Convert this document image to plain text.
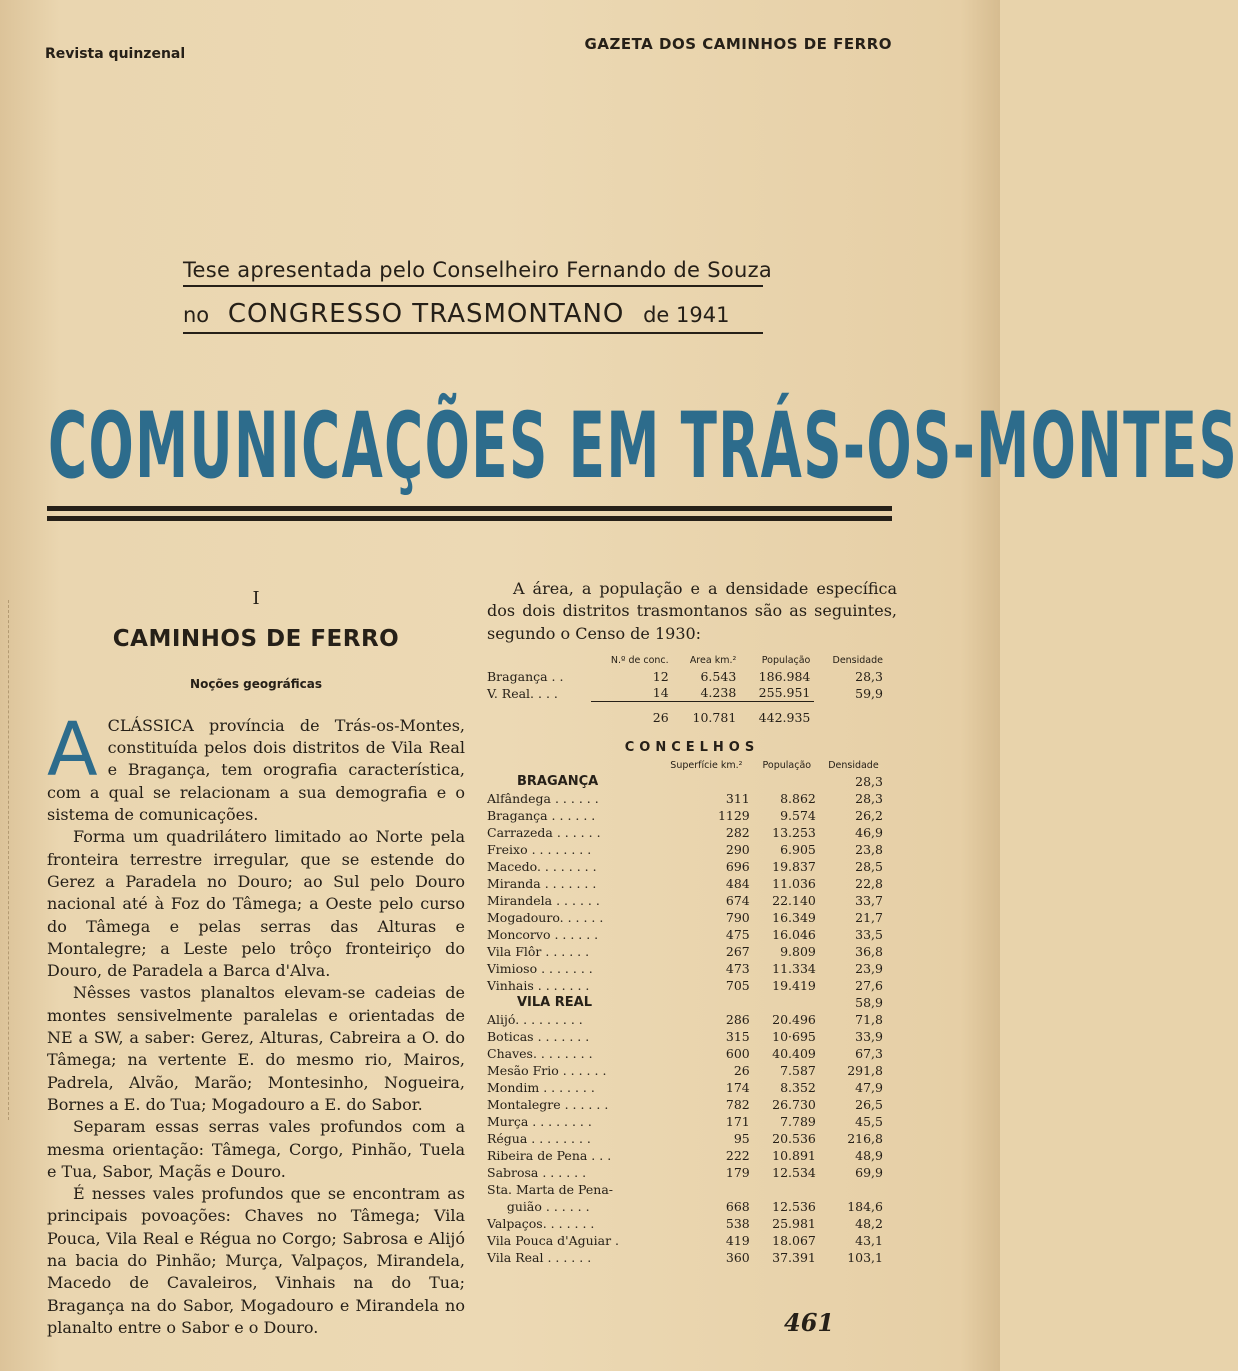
Revista quinzenal
GAZETA DOS CAMINHOS DE FERRO
Tese apresentada pelo Conselheiro Fernando de Souza
no CONGRESSO TRASMONTANO de 1941
COMUNICAÇÕES EM TRÁS-OS-MONTES
I
CAMINHOS DE FERRO
Noções geográficas

ACLÁSSICA província de Trás-os-Montes, constituída pelos dois distritos de Vila Real e Bragança, tem orografia característica, com a qual se relacionam a sua demografia e o sistema de comunicações.

Forma um quadrilátero limitado ao Norte pela fronteira terrestre irregular, que se estende do Gerez a Paradela no Douro; ao Sul pelo Douro nacional até à Foz do Tâmega; a Oeste pelo curso do Tâmega e pelas serras das Alturas e Montalegre; a Leste pelo trôço fronteiriço do Douro, de Paradela a Barca d'Alva.

Nêsses vastos planaltos elevam-se cadeias de montes sensivelmente paralelas e orientadas de NE a SW, a saber: Gerez, Alturas, Cabreira a O. do Tâmega; na vertente E. do mesmo rio, Mairos, Padrela, Alvão, Marão; Montesinho, Nogueira, Bornes a E. do Tua; Mogadouro a E. do Sabor.

Separam essas serras vales profundos com a mesma orientação: Tâmega, Corgo, Pinhão, Tuela e Tua, Sabor, Maçãs e Douro.

É nesses vales profundos que se encontram as principais povoações: Chaves no Tâmega; Vila Pouca, Vila Real e Régua no Corgo; Sabrosa e Alijó na bacia do Pinhão; Murça, Valpaços, Mirandela, Macedo de Cavaleiros, Vinhais na do Tua; Bragança na do Sabor, Mogadouro e Mirandela no planalto entre o Sabor e o Douro.

A área, a população e a densidade específica dos dois distritos trasmontanos são as seguintes, segundo o Censo de 1930:

	N.º de conc.	Area km.²	População	Densidade
Bragança . .	12	6.543	186.984	28,3
V. Real. . . .	14	4.238	255.951	59,9
	26	10.781	442.935	
CONCELHOS
	Superfície km.²	População	Densidade
BRAGANÇA			28,3
Alfândega . . . . . .	311	8.862	28,3
Bragança . . . . . .	1129	9.574	26,2
Carrazeda . . . . . .	282	13.253	46,9
Freixo . . . . . . . .	290	6.905	23,8
Macedo. . . . . . . .	696	19.837	28,5
Miranda . . . . . . .	484	11.036	22,8
Mirandela . . . . . .	674	22.140	33,7
Mogadouro. . . . . .	790	16.349	21,7
Moncorvo . . . . . .	475	16.046	33,5
Vila Flôr . . . . . .	267	9.809	36,8
Vimioso . . . . . . .	473	11.334	23,9
Vinhais . . . . . . .	705	19.419	27,6
VILA REAL			58,9
Alijó. . . . . . . . .	286	20.496	71,8
Boticas . . . . . . .	315	10·695	33,9
Chaves. . . . . . . .	600	40.409	67,3
Mesão Frio . . . . . .	26	7.587	291,8
Mondim . . . . . . .	174	8.352	47,9
Montalegre . . . . . .	782	26.730	26,5
Murça . . . . . . . .	171	7.789	45,5
Régua . . . . . . . .	95	20.536	216,8
Ribeira de Pena . . .	222	10.891	48,9
Sabrosa . . . . . .	179	12.534	69,9
Sta. Marta de Pena-			
guião . . . . . .	668	12.536	184,6
Valpaços. . . . . . .	538	25.981	48,2
Vila Pouca d'Aguiar .	419	18.067	43,1
Vila Real . . . . . .	360	37.391	103,1
461
